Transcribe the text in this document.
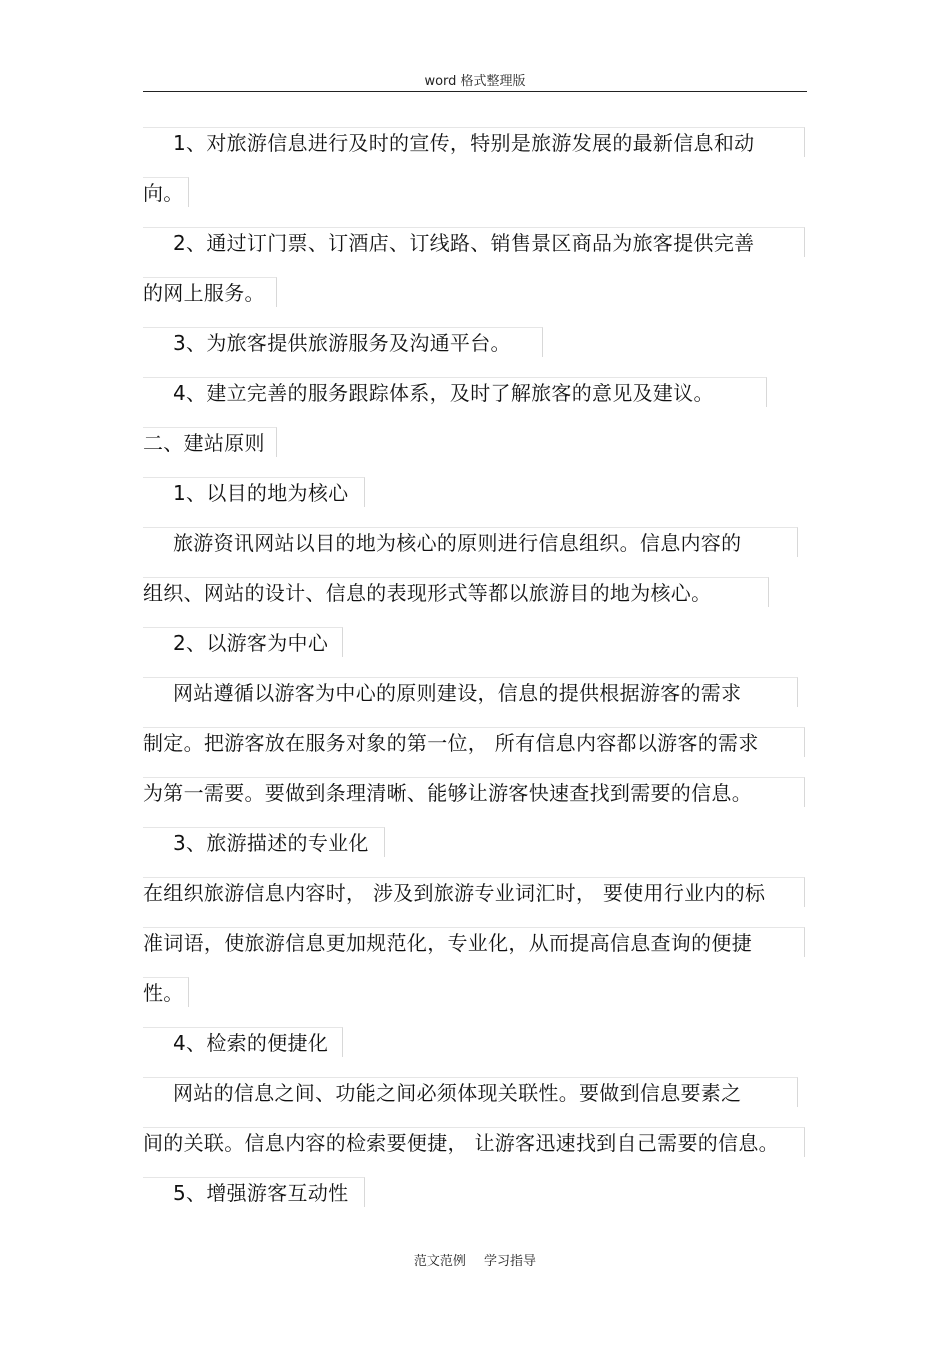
word 格式整理版
1、对旅游信息进行及时的宣传，特别是旅游发展的最新信息和动
向。
2、通过订门票、订酒店、订线路、销售景区商品为旅客提供完善
的网上服务。
3、为旅客提供旅游服务及沟通平台。
4、建立完善的服务跟踪体系，及时了解旅客的意见及建议。
二、建站原则
1、以目的地为核心
旅游资讯网站以目的地为核心的原则进行信息组织。信息内容的
组织、网站的设计、信息的表现形式等都以旅游目的地为核心。
2、以游客为中心
网站遵循以游客为中心的原则建设，信息的提供根据游客的需求
制定。把游客放在服务对象的第一位， 所有信息内容都以游客的需求
为第一需要。要做到条理清晰、能够让游客快速查找到需要的信息。
3、旅游描述的专业化
在组织旅游信息内容时， 涉及到旅游专业词汇时， 要使用行业内的标
准词语，使旅游信息更加规范化，专业化，从而提高信息查询的便捷
性。
4、检索的便捷化
网站的信息之间、功能之间必须体现关联性。要做到信息要素之
间的关联。信息内容的检索要便捷， 让游客迅速找到自己需要的信息。
5、增强游客互动性
范文范例 学习指导
